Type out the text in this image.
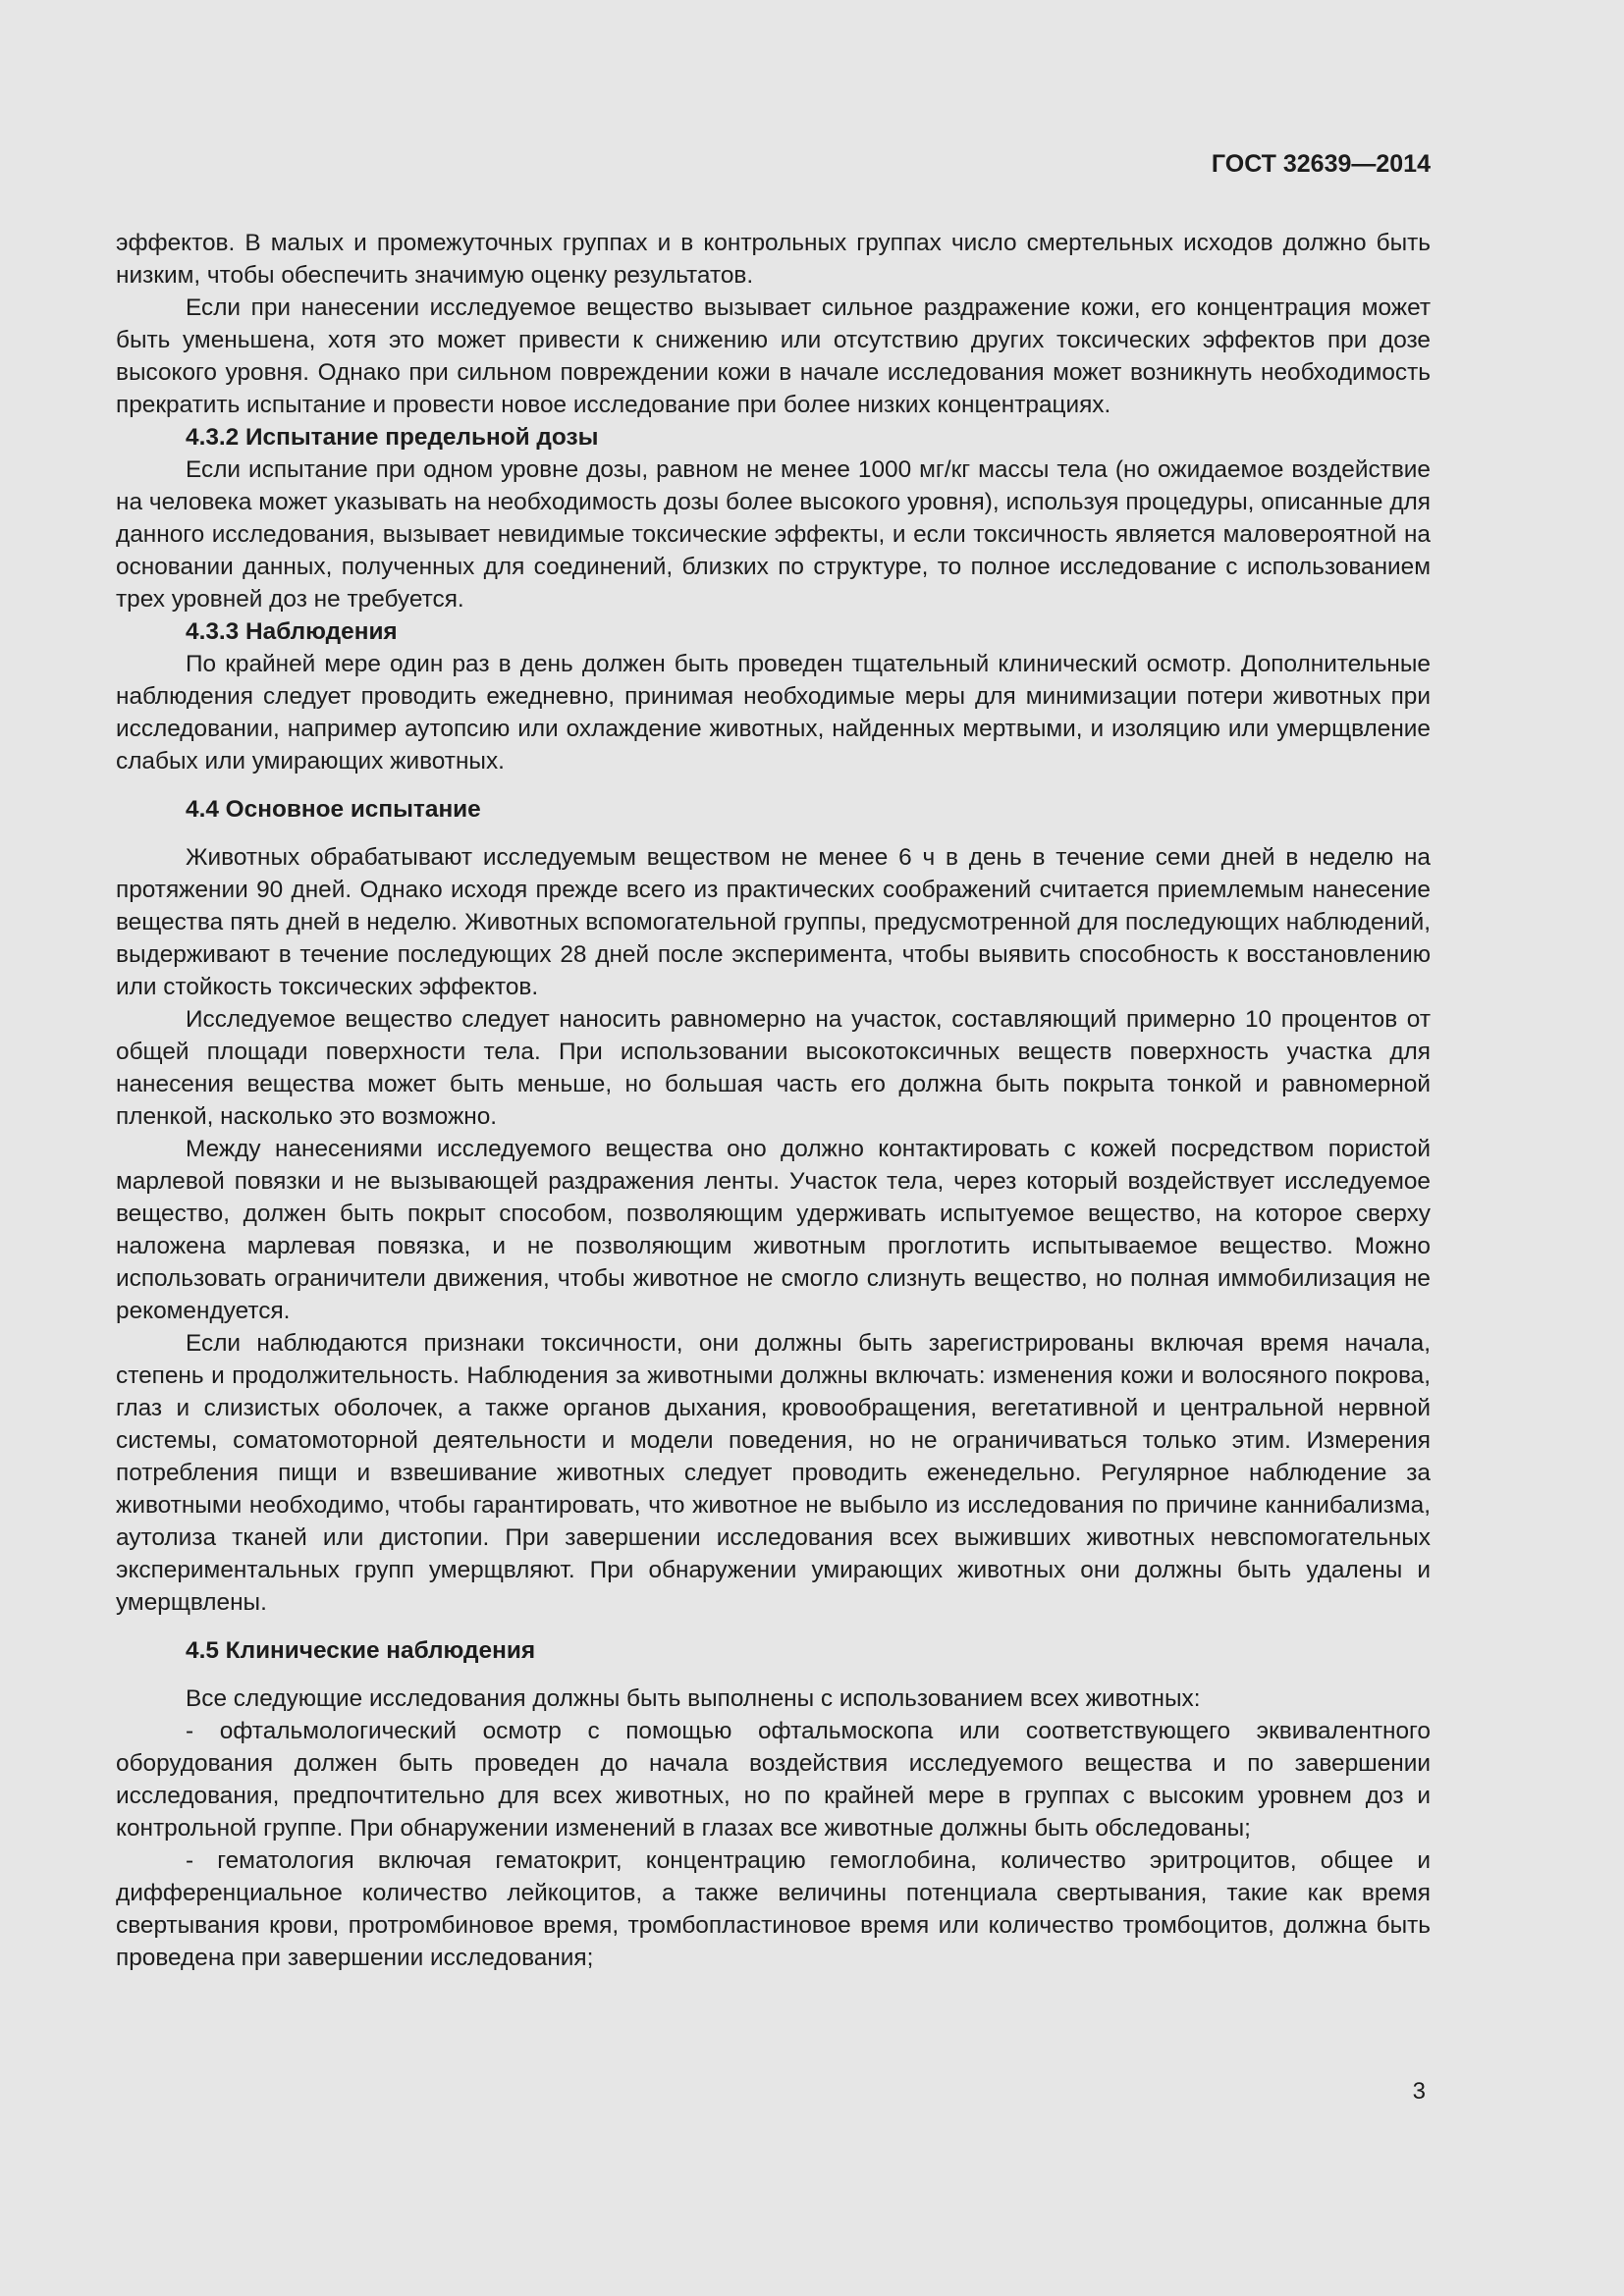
ГОСТ 32639—2014

эффектов. В малых и промежуточных группах и в контрольных группах число смертельных исходов должно быть низким, чтобы обеспечить значимую оценку результатов.

Если при нанесении исследуемое вещество вызывает сильное раздражение кожи, его концентрация может быть уменьшена, хотя это может привести к снижению или отсутствию других токсических эффектов при дозе высокого уровня. Однако при сильном повреждении кожи в начале исследования может возникнуть необходимость прекратить испытание и провести новое исследование при более низких концентрациях.

4.3.2 Испытание предельной дозы

Если испытание при одном уровне дозы, равном не менее 1000 мг/кг массы тела (но ожидаемое воздействие на человека может указывать на необходимость дозы более высокого уровня), используя процедуры, описанные для данного исследования, вызывает невидимые токсические эффекты, и если токсичность является маловероятной на основании данных, полученных для соединений, близких по структуре, то полное исследование с использованием трех уровней доз не требуется.

4.3.3 Наблюдения

По крайней мере один раз в день должен быть проведен тщательный клинический осмотр. Дополнительные наблюдения следует проводить ежедневно, принимая необходимые меры для минимизации потери животных при исследовании, например аутопсию или охлаждение животных, найденных мертвыми, и изоляцию или умерщвление слабых или умирающих животных.

4.4 Основное испытание

Животных обрабатывают исследуемым веществом не менее 6 ч в день в течение семи дней в неделю на протяжении 90 дней. Однако исходя прежде всего из практических соображений считается приемлемым нанесение вещества пять дней в неделю. Животных вспомогательной группы, предусмотренной для последующих наблюдений, выдерживают в течение последующих 28 дней после эксперимента, чтобы выявить способность к восстановлению или стойкость токсических эффектов.

Исследуемое вещество следует наносить равномерно на участок, составляющий примерно 10 процентов от общей площади поверхности тела. При использовании высокотоксичных веществ поверхность участка для нанесения вещества может быть меньше, но большая часть его должна быть покрыта тонкой и равномерной пленкой, насколько это возможно.

Между нанесениями исследуемого вещества оно должно контактировать с кожей посредством пористой марлевой повязки и не вызывающей раздражения ленты. Участок тела, через который воздействует исследуемое вещество, должен быть покрыт способом, позволяющим удерживать испытуемое вещество, на которое сверху наложена марлевая повязка, и не позволяющим животным проглотить испытываемое вещество. Можно использовать ограничители движения, чтобы животное не смогло слизнуть вещество, но полная иммобилизация не рекомендуется.

Если наблюдаются признаки токсичности, они должны быть зарегистрированы включая время начала, степень и продолжительность. Наблюдения за животными должны включать: изменения кожи и волосяного покрова, глаз и слизистых оболочек, а также органов дыхания, кровообращения, вегетативной и центральной нервной системы, соматомоторной деятельности и модели поведения, но не ограничиваться только этим. Измерения потребления пищи и взвешивание животных следует проводить еженедельно. Регулярное наблюдение за животными необходимо, чтобы гарантировать, что животное не выбыло из исследования по причине каннибализма, аутолиза тканей или дистопии. При завершении исследования всех выживших животных невспомогательных экспериментальных групп умерщвляют. При обнаружении умирающих животных они должны быть удалены и умерщвлены.

4.5 Клинические наблюдения

Все следующие исследования должны быть выполнены с использованием всех животных:

- офтальмологический осмотр с помощью офтальмоскопа или соответствующего эквивалентного оборудования должен быть проведен до начала воздействия исследуемого вещества и по завершении исследования, предпочтительно для всех животных, но по крайней мере в группах с высоким уровнем доз и контрольной группе. При обнаружении изменений в глазах все животные должны быть обследованы;

- гематология включая гематокрит, концентрацию гемоглобина, количество эритроцитов, общее и дифференциальное количество лейкоцитов, а также величины потенциала свертывания, такие как время свертывания крови, протромбиновое время, тромбопластиновое время или количество тромбоцитов, должна быть проведена при завершении исследования;

3
